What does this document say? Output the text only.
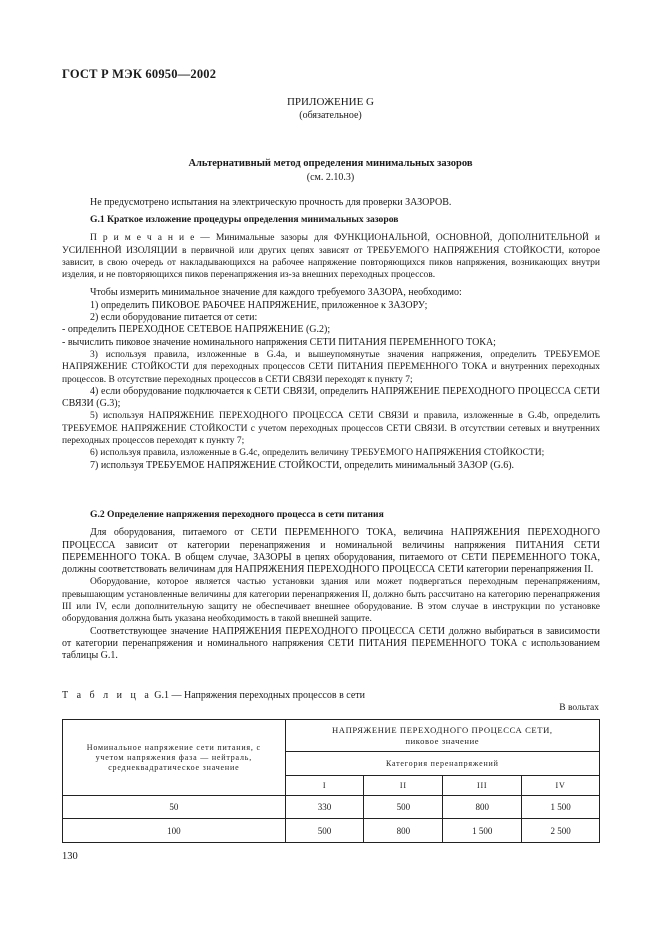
ГОСТ Р МЭК 60950—2002
ПРИЛОЖЕНИЕ G
(обязательное)
Альтернативный метод определения минимальных зазоров
(см. 2.10.3)

Не предусмотрено испытания на электрическую прочность для проверки ЗАЗОРОВ.

G.1 Краткое изложение процедуры определения минимальных зазоров

П р и м е ч а н и е — Минимальные зазоры для ФУНКЦИОНАЛЬНОЙ, ОСНОВНОЙ, ДОПОЛНИТЕЛЬНОЙ и УСИЛЕННОЙ ИЗОЛЯЦИИ в первичной или других цепях зависят от ТРЕБУЕМОГО НАПРЯЖЕНИЯ СТОЙКОСТИ, которое зависит, в свою очередь от накладывающихся на рабочее напряжение повторяющихся пиков напряжения, возникающих внутри изделия, и не повторяющихся пиков перенапряжения из-за внешних переходных процессов.

Чтобы измерить минимальное значение для каждого требуемого ЗАЗОРА, необходимо:

1) определить ПИКОВОЕ РАБОЧЕЕ НАПРЯЖЕНИЕ, приложенное к ЗАЗОРУ;

2) если оборудование питается от сети:

- определить ПЕРЕХОДНОЕ СЕТЕВОЕ НАПРЯЖЕНИЕ (G.2);

- вычислить пиковое значение номинального напряжения СЕТИ ПИТАНИЯ ПЕРЕМЕННОГО ТОКА;

3) используя правила, изложенные в G.4a, и вышеупомянутые значения напряжения, определить ТРЕБУЕМОЕ НАПРЯЖЕНИЕ СТОЙКОСТИ для переходных процессов СЕТИ ПИТАНИЯ ПЕРЕМЕННОГО ТОКА и внутренних переходных процессов. В отсутствие переходных процессов в СЕТИ СВЯЗИ переходят к пункту 7;

4) если оборудование подключается к СЕТИ СВЯЗИ, определить НАПРЯЖЕНИЕ ПЕРЕХОДНОГО ПРОЦЕССА СЕТИ СВЯЗИ (G.3);

5) используя НАПРЯЖЕНИЕ ПЕРЕХОДНОГО ПРОЦЕССА СЕТИ СВЯЗИ и правила, изложенные в G.4b, определить ТРЕБУЕМОЕ НАПРЯЖЕНИЕ СТОЙКОСТИ с учетом переходных процессов СЕТИ СВЯЗИ. В отсутствии сетевых и внутренних переходных процессов переходят к пункту 7;

6) используя правила, изложенные в G.4c, определить величину ТРЕБУЕМОГО НАПРЯЖЕНИЯ СТОЙКОСТИ;

7) используя ТРЕБУЕМОЕ НАПРЯЖЕНИЕ СТОЙКОСТИ, определить минимальный ЗАЗОР (G.6).

G.2 Определение напряжения переходного процесса в сети питания

Для оборудования, питаемого от СЕТИ ПЕРЕМЕННОГО ТОКА, величина НАПРЯЖЕНИЯ ПЕРЕХОДНОГО ПРОЦЕССА зависит от категории перенапряжения и номинальной величины напряжения ПИТАНИЯ СЕТИ ПЕРЕМЕННОГО ТОКА. В общем случае, ЗАЗОРЫ в цепях оборудования, питаемого от СЕТИ ПЕРЕМЕННОГО ТОКА, должны соответствовать величинам для НАПРЯЖЕНИЯ ПЕРЕХОДНОГО ПРОЦЕССА СЕТИ категории перенапряжения II.

Оборудование, которое является частью установки здания или может подвергаться переходным перенапряжениям, превышающим установленные величины для категории перенапряжения II, должно быть рассчитано на категорию перенапряжения III или IV, если дополнительную защиту не обеспечивает внешнее оборудование. В этом случае в инструкции по установке оборудования должна быть указана необходимость в такой внешней защите.

Соответствующее значение НАПРЯЖЕНИЯ ПЕРЕХОДНОГО ПРОЦЕССА СЕТИ должно выбираться в зависимости от категории перенапряжения и номинального напряжения СЕТИ ПИТАНИЯ ПЕРЕМЕННОГО ТОКА с использованием таблицы G.1.

Т а б л и ц а G.1 — Напряжения переходных процессов в сети
В вольтах
Номинальное напряжение сети питания, с учетом напряжения фаза — нейтраль, среднеквадратическое значение	НАПРЯЖЕНИЕ ПЕРЕХОДНОГО ПРОЦЕССА СЕТИ, пиковое значение			
	Категория перенапряжений			
	I	II	III	IV
50	330	500	800	1 500
100	500	800	1 500	2 500
130
